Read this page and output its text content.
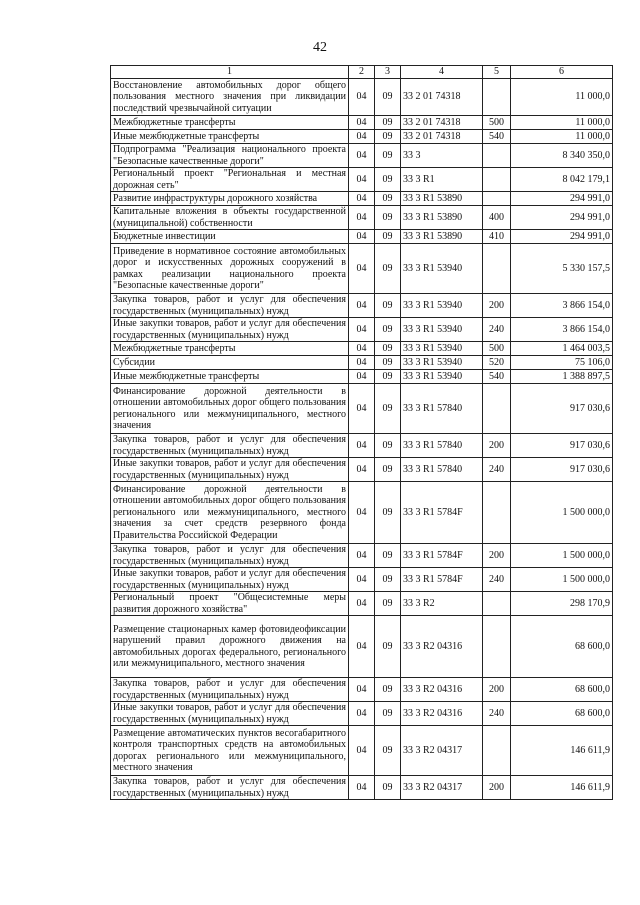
42
1	2	3	4	5	6
Восстановление автомобильных дорог общего пользования местного значения при ликвидации последствий чрезвычайной ситуации	04	09	33 2 01 74318		11 000,0
Межбюджетные трансферты	04	09	33 2 01 74318	500	11 000,0
Иные межбюджетные трансферты	04	09	33 2 01 74318	540	11 000,0
Подпрограмма "Реализация национального проекта "Безопасные качественные дороги"	04	09	33 3		8 340 350,0
Региональный проект "Региональная и местная дорожная сеть"	04	09	33 3 R1		8 042 179,1
Развитие инфраструктуры дорожного хозяйства	04	09	33 3 R1 53890		294 991,0
Капитальные вложения в объекты государственной (муниципальной) собственности	04	09	33 3 R1 53890	400	294 991,0
Бюджетные инвестиции	04	09	33 3 R1 53890	410	294 991,0
Приведение в нормативное состояние автомобильных дорог и искусственных дорожных сооружений в рамках реализации национального проекта "Безопасные качественные дороги"	04	09	33 3 R1 53940		5 330 157,5
Закупка товаров, работ и услуг для обеспечения государственных (муниципальных) нужд	04	09	33 3 R1 53940	200	3 866 154,0
Иные закупки товаров, работ и услуг для обеспечения государственных (муниципальных) нужд	04	09	33 3 R1 53940	240	3 866 154,0
Межбюджетные трансферты	04	09	33 3 R1 53940	500	1 464 003,5
Субсидии	04	09	33 3 R1 53940	520	75 106,0
Иные межбюджетные трансферты	04	09	33 3 R1 53940	540	1 388 897,5
Финансирование дорожной деятельности в отношении автомобильных дорог общего пользования регионального или межмуниципального, местного значения	04	09	33 3 R1 57840		917 030,6
Закупка товаров, работ и услуг для обеспечения государственных (муниципальных) нужд	04	09	33 3 R1 57840	200	917 030,6
Иные закупки товаров, работ и услуг для обеспечения государственных (муниципальных) нужд	04	09	33 3 R1 57840	240	917 030,6
Финансирование дорожной деятельности в отношении автомобильных дорог общего пользования регионального или межмуниципального, местного значения за счет средств резервного фонда Правительства Российской Федерации	04	09	33 3 R1 5784F		1 500 000,0
Закупка товаров, работ и услуг для обеспечения государственных (муниципальных) нужд	04	09	33 3 R1 5784F	200	1 500 000,0
Иные закупки товаров, работ и услуг для обеспечения государственных (муниципальных) нужд	04	09	33 3 R1 5784F	240	1 500 000,0
Региональный проект "Общесистемные меры развития дорожного хозяйства"	04	09	33 3 R2		298 170,9
Размещение стационарных камер фотовидеофиксации нарушений правил дорожного движения на автомобильных дорогах федерального, регионального или межмуниципального, местного значения	04	09	33 3 R2 04316		68 600,0
Закупка товаров, работ и услуг для обеспечения государственных (муниципальных) нужд	04	09	33 3 R2 04316	200	68 600,0
Иные закупки товаров, работ и услуг для обеспечения государственных (муниципальных) нужд	04	09	33 3 R2 04316	240	68 600,0
Размещение автоматических пунктов весогабаритного контроля транспортных средств на автомобильных дорогах регионального или межмуниципального, местного значения	04	09	33 3 R2 04317		146 611,9
Закупка товаров, работ и услуг для обеспечения государственных (муниципальных) нужд	04	09	33 3 R2 04317	200	146 611,9
